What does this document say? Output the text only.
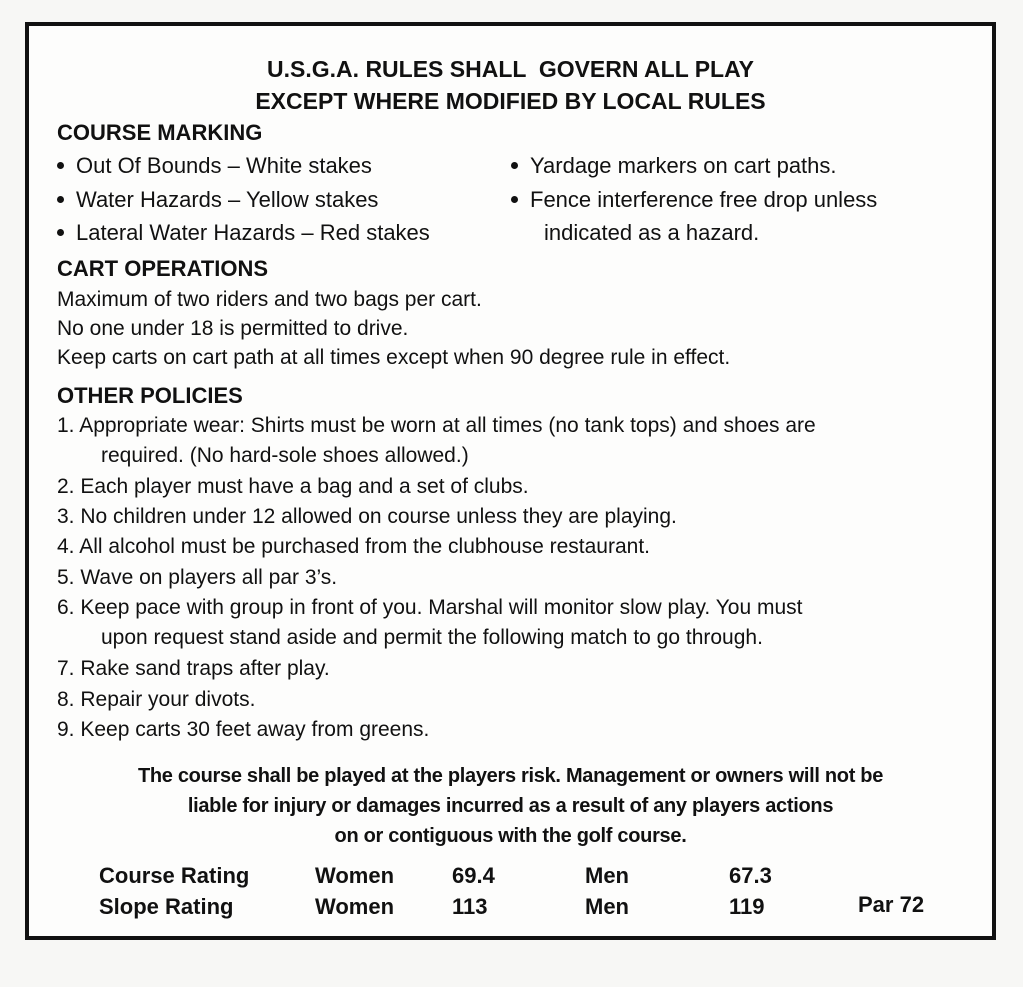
U.S.G.A. RULES SHALL  GOVERN ALL PLAY
EXCEPT WHERE MODIFIED BY LOCAL RULES
COURSE MARKING
Out Of Bounds – White stakes
Water Hazards – Yellow stakes
Lateral Water Hazards – Red stakes
Yardage markers on cart paths.
Fence interference free drop unless
indicated as a hazard.
CART OPERATIONS
Maximum of two riders and two bags per cart.
No one under 18 is permitted to drive.
Keep carts on cart path at all times except when 90 degree rule in effect.
OTHER POLICIES
1. Appropriate wear: Shirts must be worn at all times (no tank tops) and shoes are
required. (No hard-sole shoes allowed.)
2. Each player must have a bag and a set of clubs.
3. No children under 12 allowed on course unless they are playing.
4. All alcohol must be purchased from the clubhouse restaurant.
5. Wave on players all par 3’s.
6. Keep pace with group in front of you. Marshal will monitor slow play. You must
upon request stand aside and permit the following match to go through.
7. Rake sand traps after play.
8. Repair your divots.
9. Keep carts 30 feet away from greens.
The course shall be played at the players risk. Management or owners will not be
liable for injury or damages incurred as a result of any players actions
on or contiguous with the golf course.
Course Rating	Women	69.4	Men	67.3
Slope Rating	Women	113	Men	119	Par 72
